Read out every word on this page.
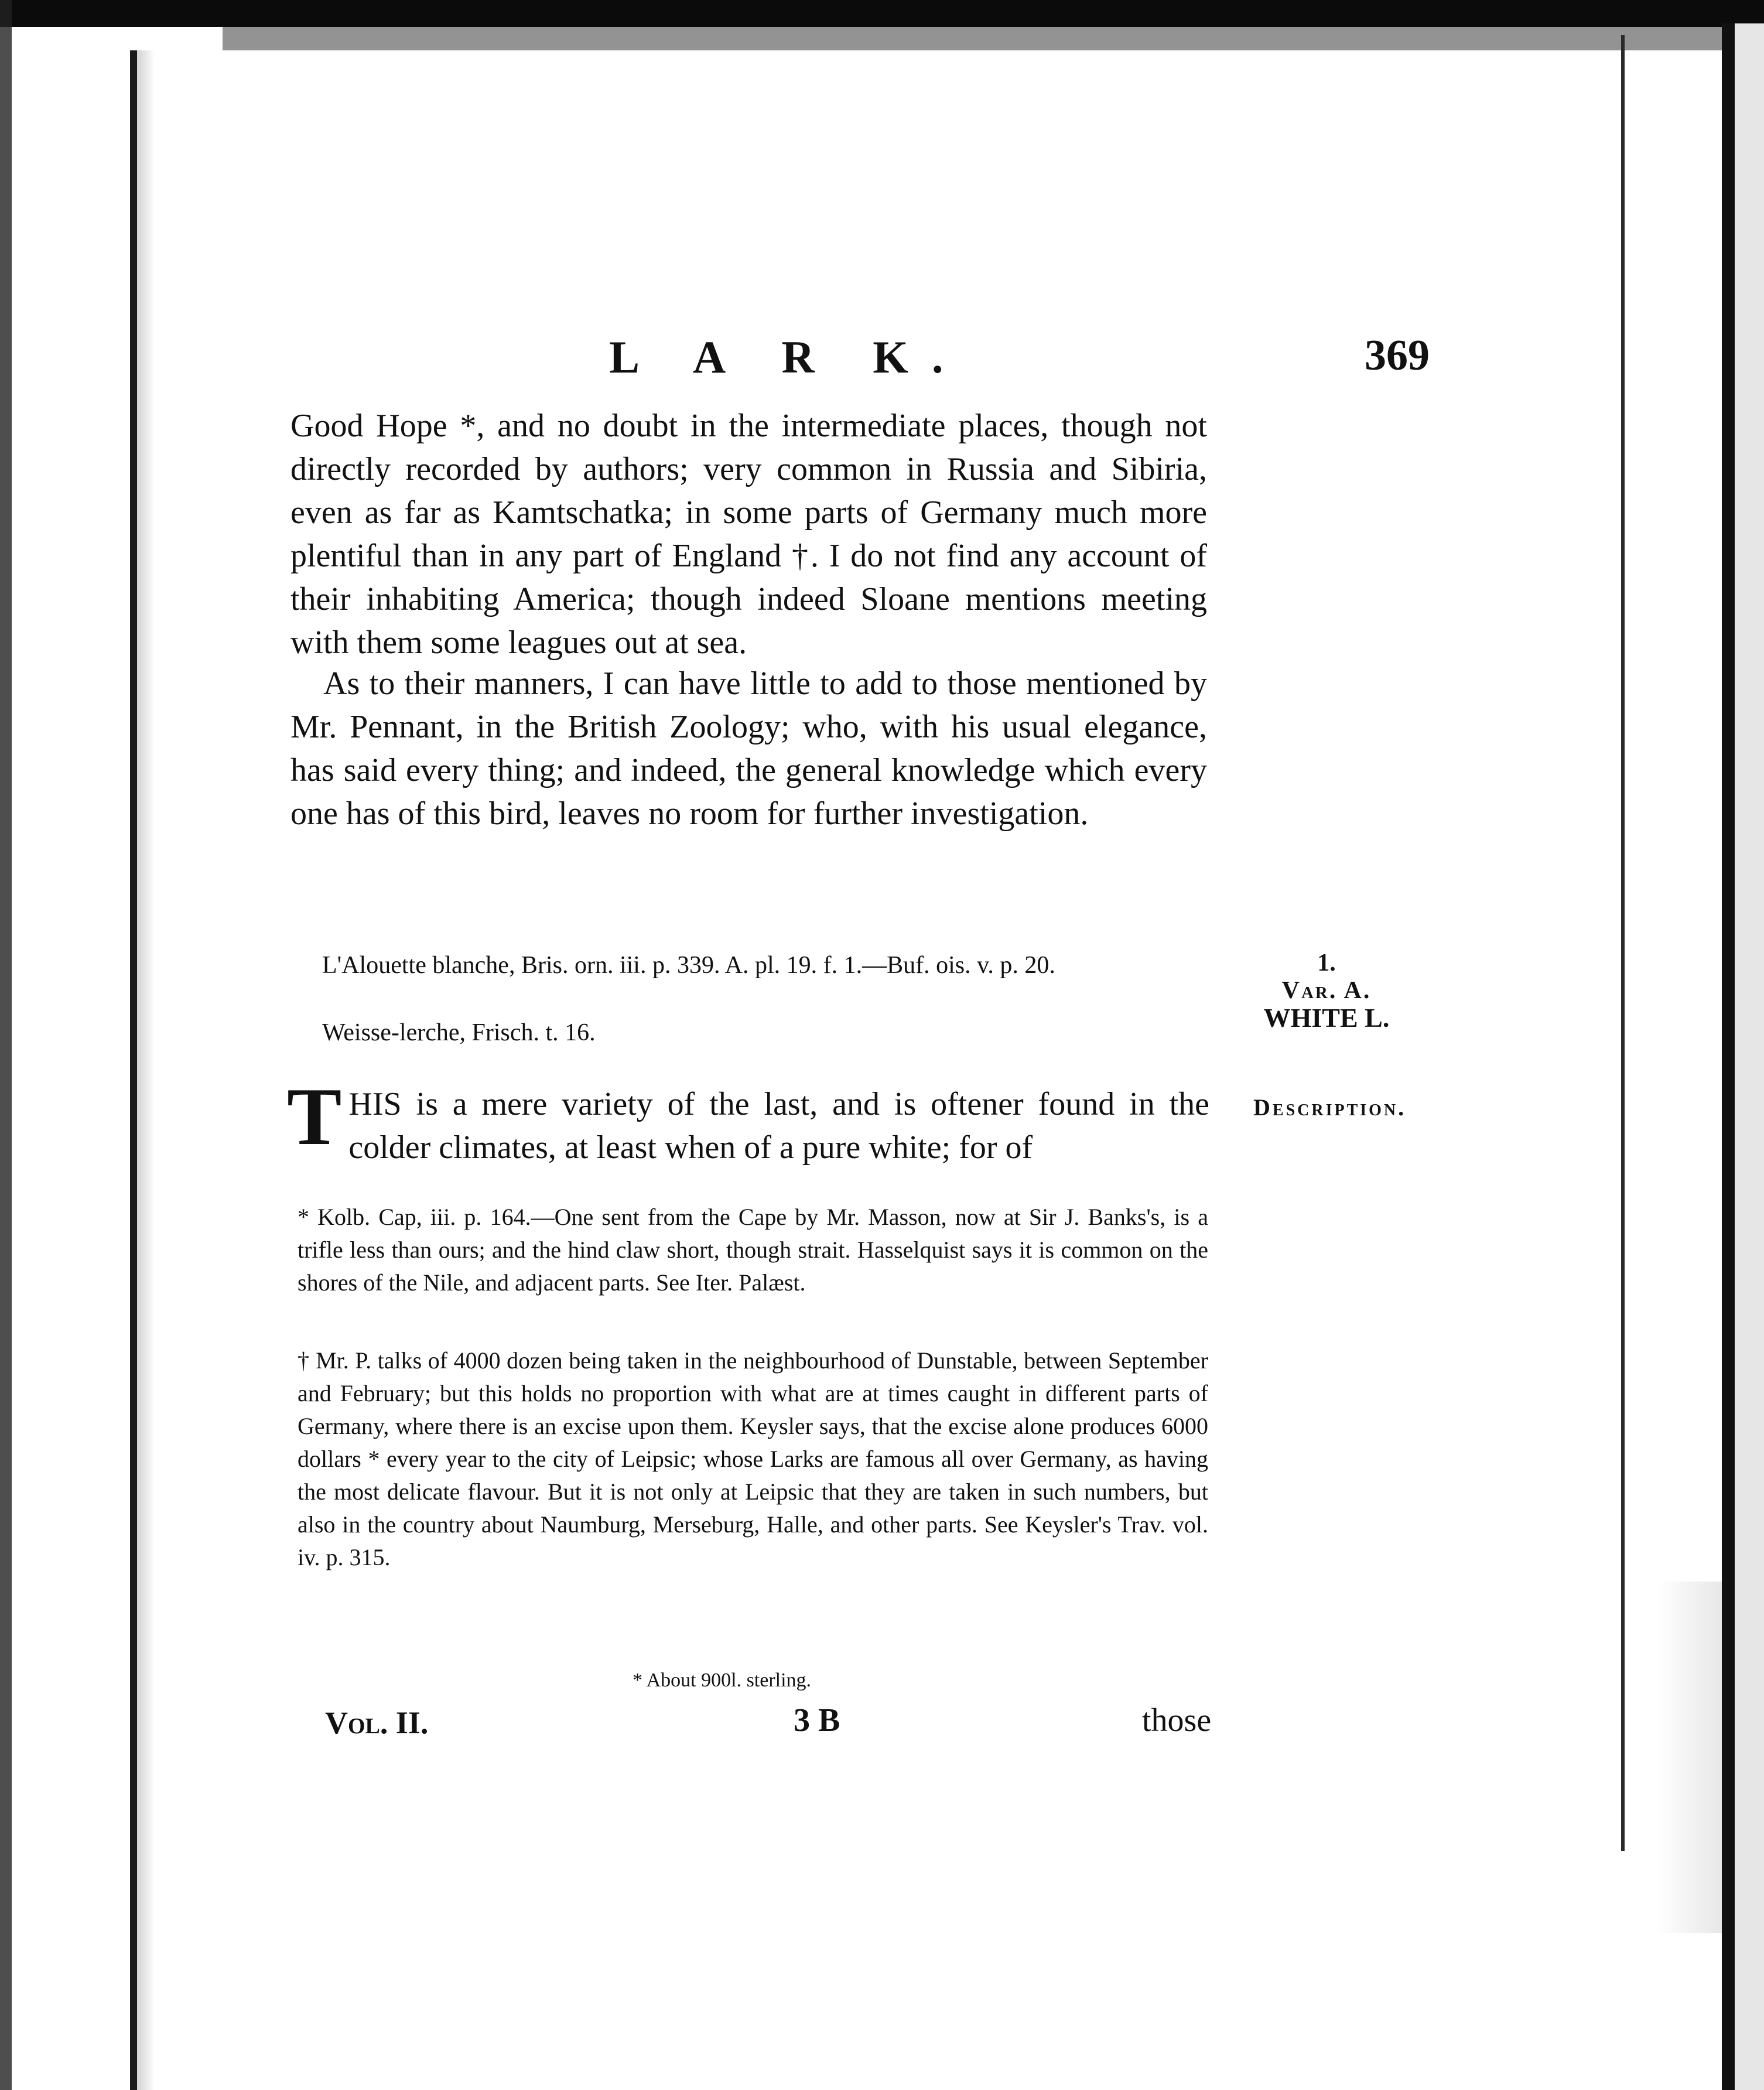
L A R K.	369

Good Hope *, and no doubt in the intermediate places, though not directly recorded by authors; very common in Russia and Sibiria, even as far as Kamtschatka; in some parts of Germany much more plentiful than in any part of England †. I do not find any account of their inhabiting America; though indeed Sloane mentions meeting with them some leagues out at sea.

As to their manners, I can have little to add to those mentioned by Mr. Pennant, in the British Zoology; who, with his usual elegance, has said every thing; and indeed, the general knowledge which every one has of this bird, leaves no room for further investigation.

L'Alouette blanche, Bris. orn. iii. p. 339. A. pl. 19. f. 1.—Buf. ois. v. p. 20.

Weisse-lerche, Frisch. t. 16.

1.
Var. A.
WHITE L.
Description.
T HIS is a mere variety of the last, and is oftener found in the colder climates, at least when of a pure white; for of

* Kolb. Cap, iii. p. 164.—One sent from the Cape by Mr. Masson, now at Sir J. Banks's, is a trifle less than ours; and the hind claw short, though strait. Hasselquist says it is common on the shores of the Nile, and adjacent parts. See Iter. Palæst.

† Mr. P. talks of 4000 dozen being taken in the neighbourhood of Dunstable, between September and February; but this holds no proportion with what are at times caught in different parts of Germany, where there is an excise upon them. Keysler says, that the excise alone produces 6000 dollars * every year to the city of Leipsic; whose Larks are famous all over Germany, as having the most delicate flavour. But it is not only at Leipsic that they are taken in such numbers, but also in the country about Naumburg, Merseburg, Halle, and other parts. See Keysler's Trav. vol. iv. p. 315.

* About 900l. sterling.
Vol. II.	3 B	those
